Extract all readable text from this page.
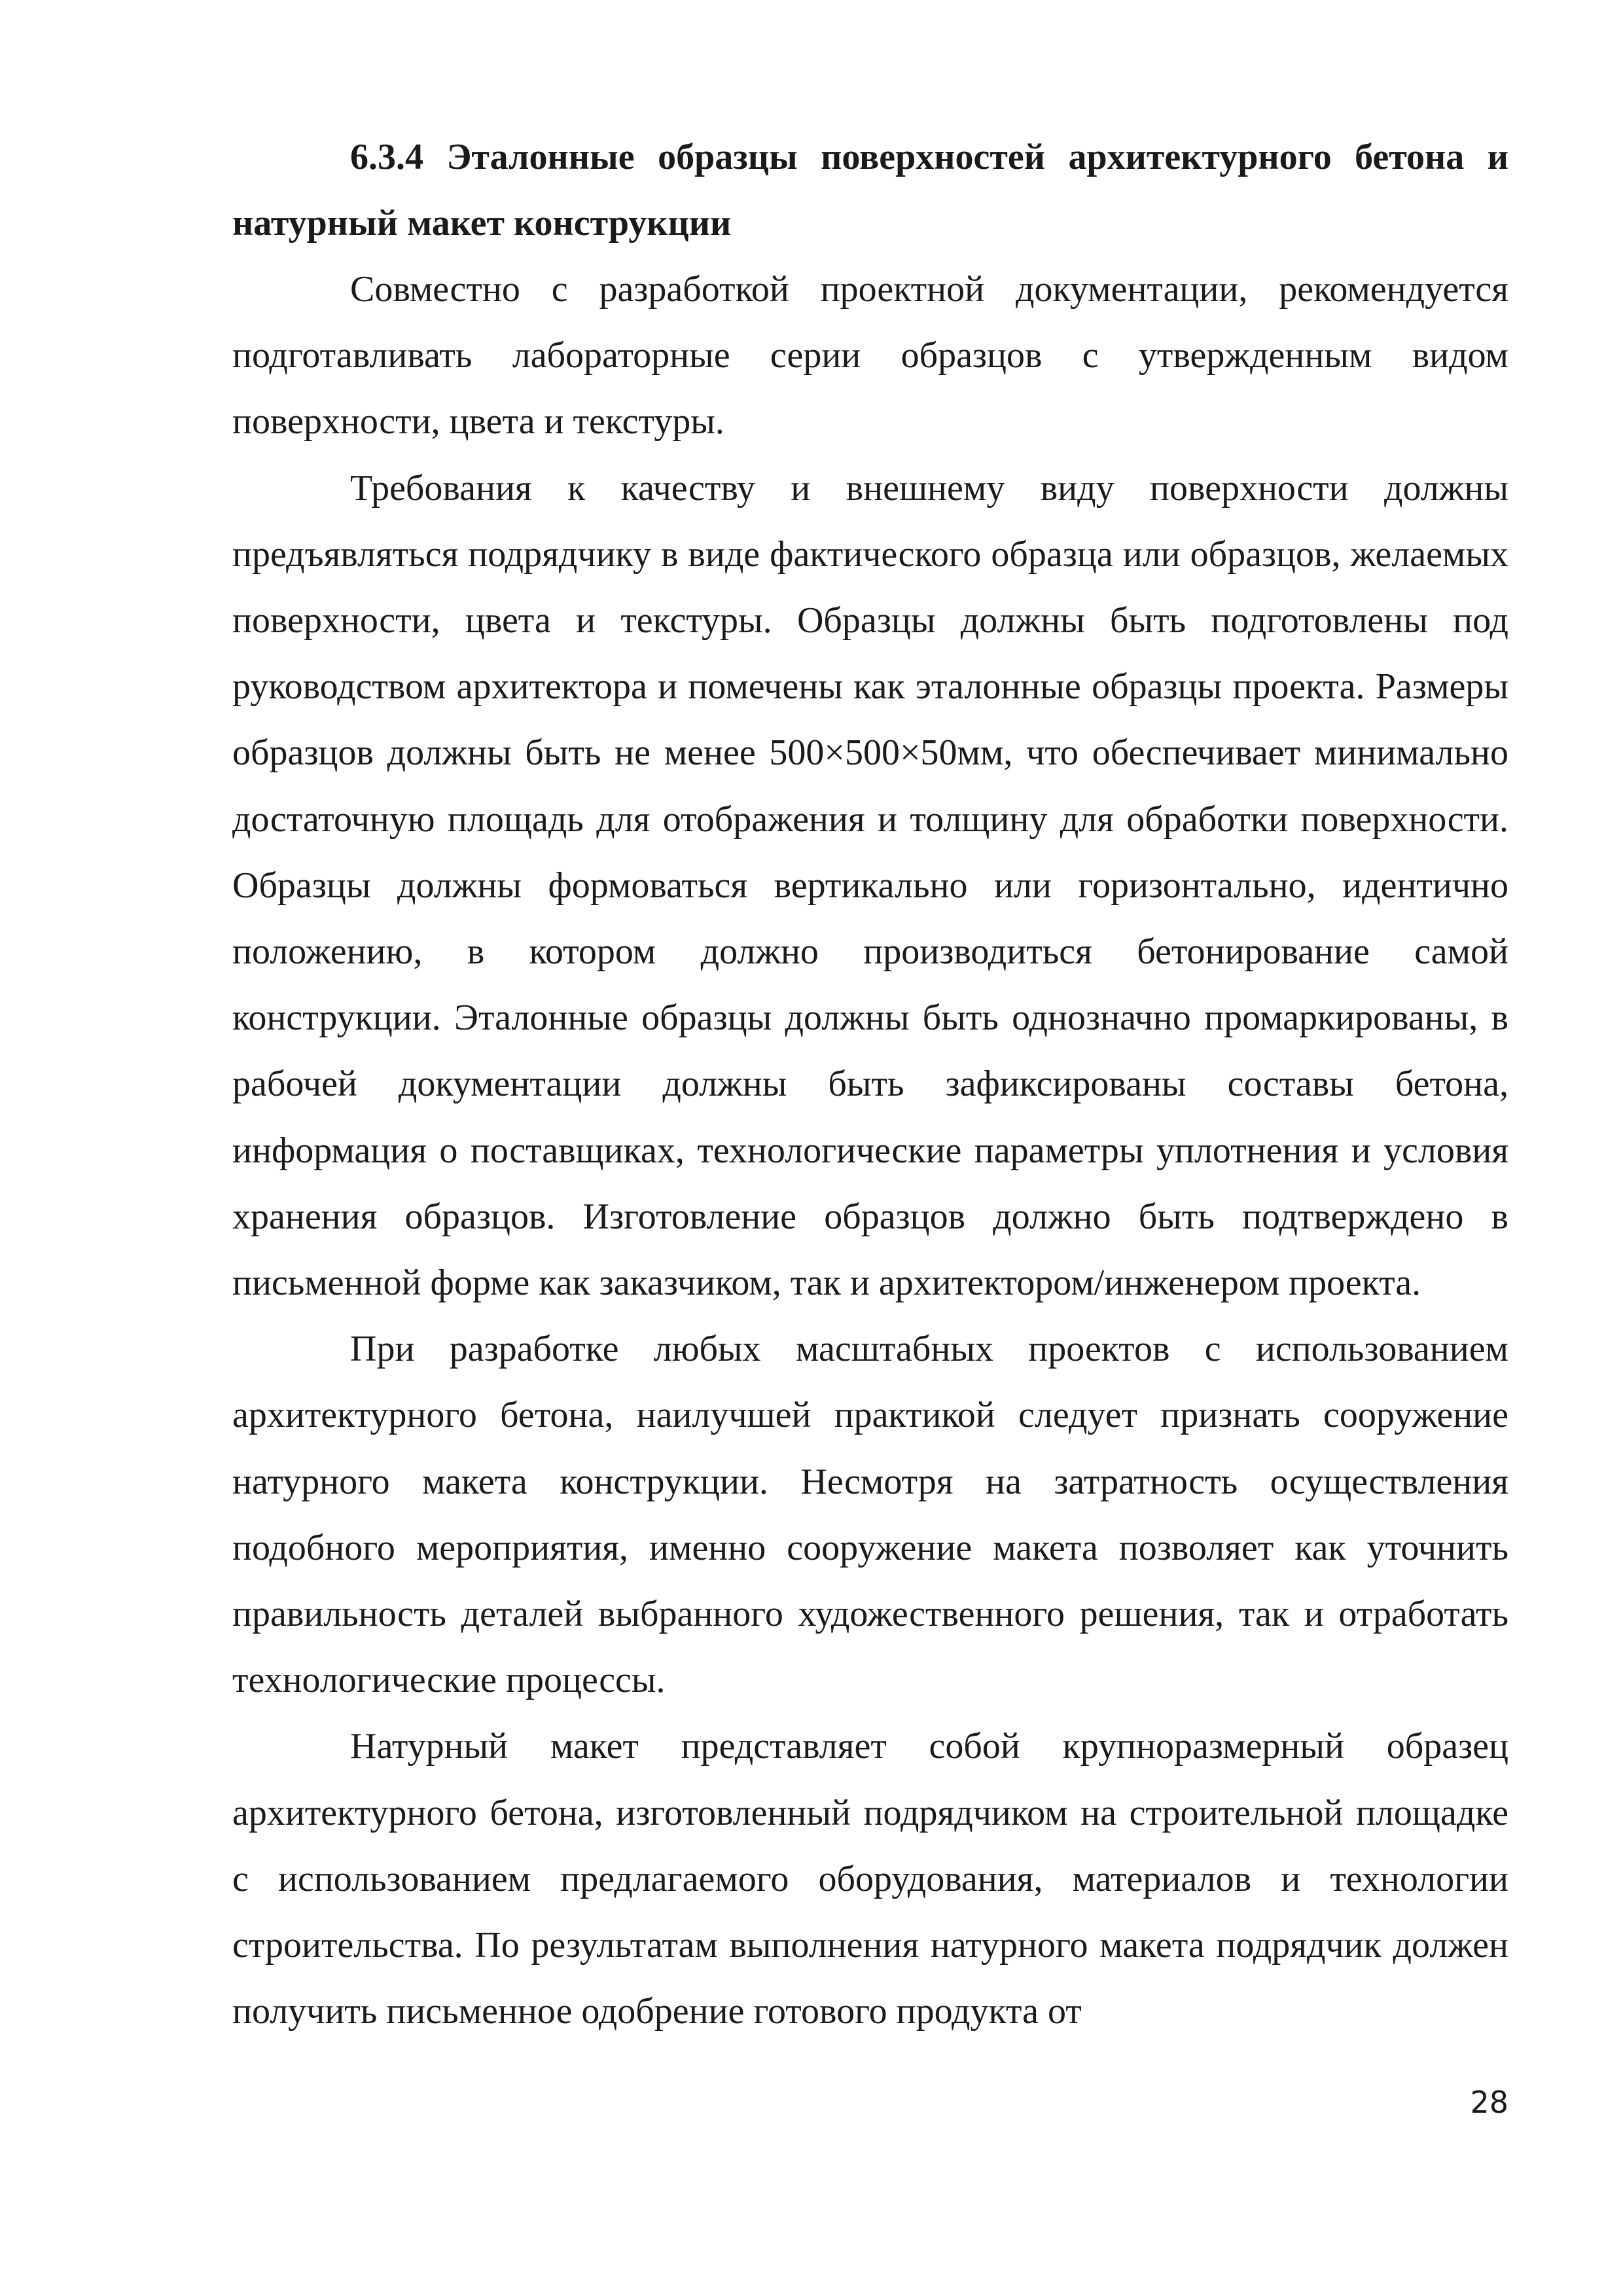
6.3.4 Эталонные образцы поверхностей архитектурного бетона и натурный макет конструкции

Совместно с разработкой проектной документации, рекомендуется подготавливать лабораторные серии образцов с утвержденным видом поверхности, цвета и текстуры.

Требования к качеству и внешнему виду поверхности должны предъявляться подрядчику в виде фактического образца или образцов, желаемых поверхности, цвета и текстуры. Образцы должны быть подготовлены под руководством архитектора и помечены как эталонные образцы проекта. Размеры образцов должны быть не менее 500×500×50мм, что обеспечивает минимально достаточную площадь для отображения и толщину для обработки поверхности. Образцы должны формоваться вертикально или горизонтально, идентично положению, в котором должно производиться бетонирование самой конструкции. Эталонные образцы должны быть однозначно промаркированы, в рабочей документации должны быть зафиксированы составы бетона, информация о поставщиках, технологические параметры уплотнения и условия хранения образцов. Изготовление образцов должно быть подтверждено в письменной форме как заказчиком, так и архитектором/инженером проекта.

При разработке любых масштабных проектов с использованием архитектурного бетона, наилучшей практикой следует признать сооружение натурного макета конструкции. Несмотря на затратность осуществления подобного мероприятия, именно сооружение макета позволяет как уточнить правильность деталей выбранного художественного решения, так и отработать технологические процессы.

Натурный макет представляет собой крупноразмерный образец архитектурного бетона, изготовленный подрядчиком на строительной площадке с использованием предлагаемого оборудования, материалов и технологии строительства. По результатам выполнения натурного макета подрядчик должен получить письменное одобрение готового продукта от

28
